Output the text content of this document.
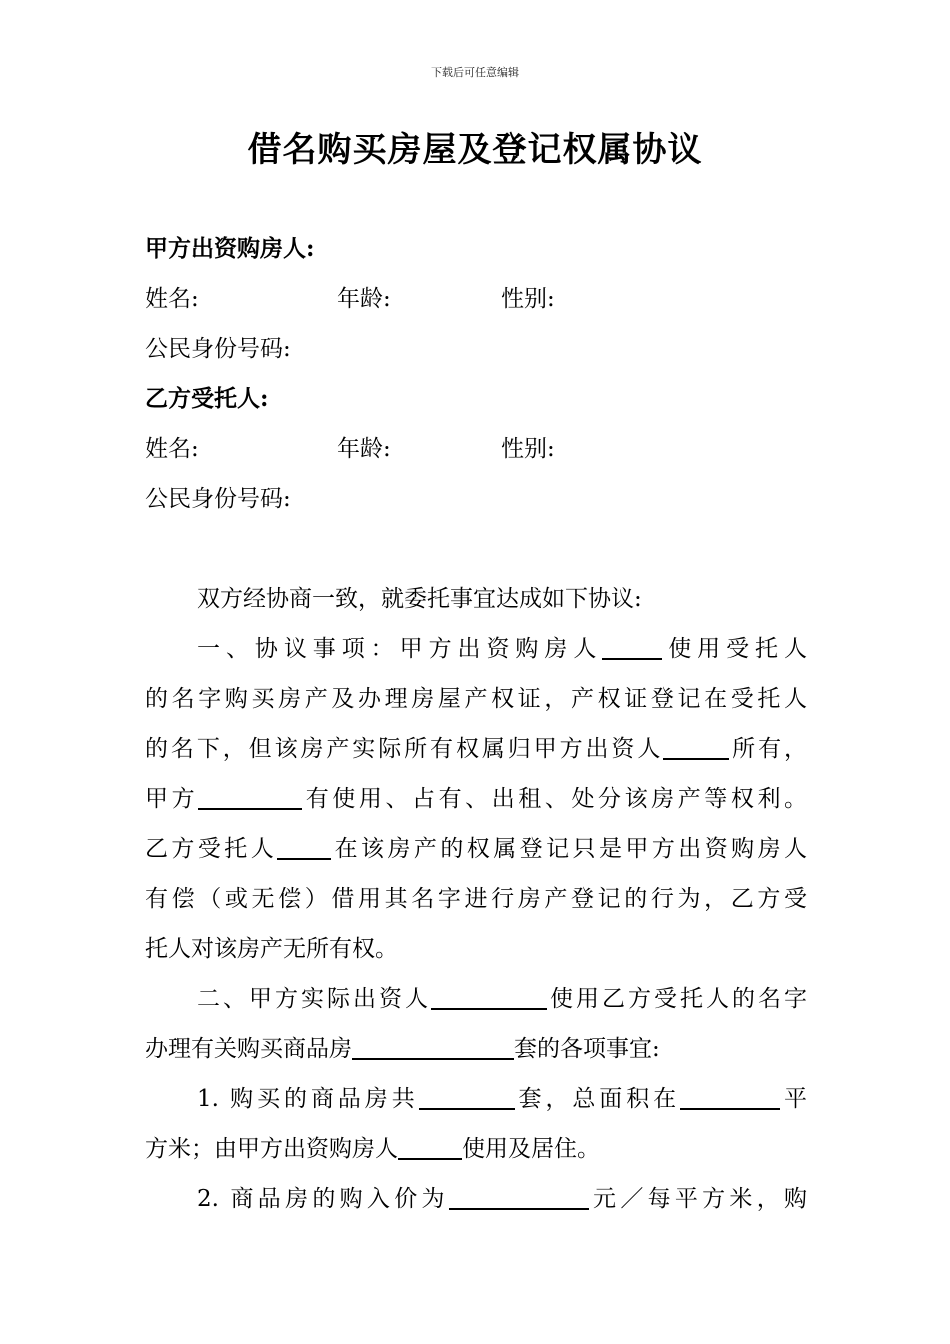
下载后可任意编辑
借名购买房屋及登记权属协议
甲方出资购房人:
姓名:	年龄:	性别:
公民身份号码:
乙方受托人:
姓名:	年龄:	性别:
公民身份号码:
双方经协商一致，就委托事宜达成如下协议:
一、协议事项：甲方出资购房人	使用受托人
的名字购买房产及办理房屋产权证，产权证登记在受托人
的名下，但该房产实际所有权属归甲方出资人	所有，
甲方	有使用、占有、出租、处分该房产等权利。
乙方受托人 在该房产的权属登记只是甲方出资购房人
有偿（或无偿）借用其名字进行房产登记的行为，乙方受
托人对该房产无所有权。
二、甲方实际出资人	使用乙方受托人的名字
办理有关购买商品房	套的各项事宜:
1. 购买的商品房共	套，总面积在	平
方米；由甲方出资购房人	使用及居住。
2. 商品房的购入价为	元／每平方米，购
